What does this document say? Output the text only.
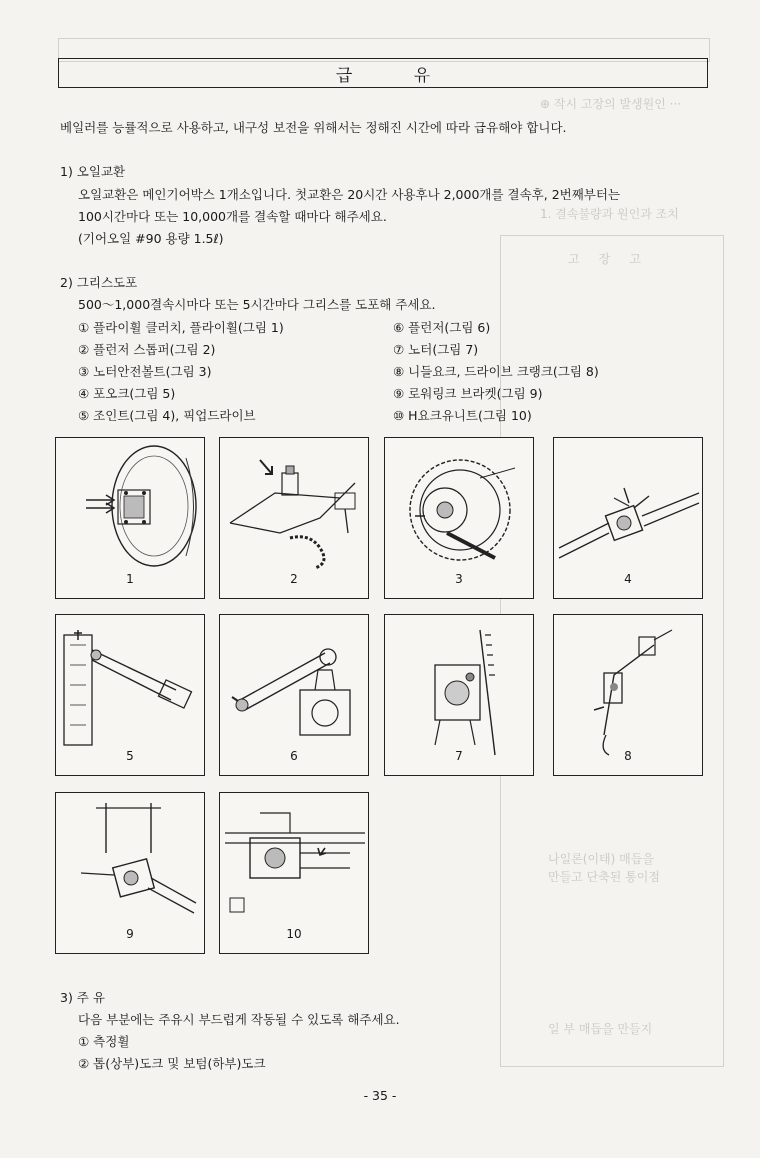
⊕ 작시 고장의 발생원인 ···
1. 결속불량과 원인과 조치
고     장     고
나일론(이태) 매듭을
만들고 단축된 통이점
일 부 매듭을 만들지
급 유
베일러를 능률적으로 사용하고, 내구성 보전을 위해서는 정해진 시간에 따라 급유해야 합니다.
1) 오일교환
오일교환은 메인기어박스 1개소입니다. 첫교환은 20시간 사용후나 2,000개를 결속후, 2번째부터는
100시간마다 또는 10,000개를 결속할 때마다 해주세요.
(기어오일 #90 용량 1.5ℓ)
2) 그리스도포
500～1,000결속시마다 또는 5시간마다 그리스를 도포해 주세요.
① 플라이휠 클러치, 플라이휠(그림 1)
② 플런저 스톱퍼(그림 2)
③ 노터안전볼트(그림 3)
④ 포오크(그림 5)
⑤ 조인트(그림 4), 픽업드라이브
⑥ 플런저(그림 6)
⑦ 노터(그림 7)
⑧ 니들요크, 드라이브 크랭크(그림 8)
⑨ 로워링크 브라켓(그림 9)
⑩ H요크유니트(그림 10)
1	2	3	4
5	6	7	8
9	10
3) 주 유
다음 부분에는 주유시 부드럽게 작동될 수 있도록 해주세요.
① 측정휠
② 톱(상부)도크 및 보텀(하부)도크
- 35 -
